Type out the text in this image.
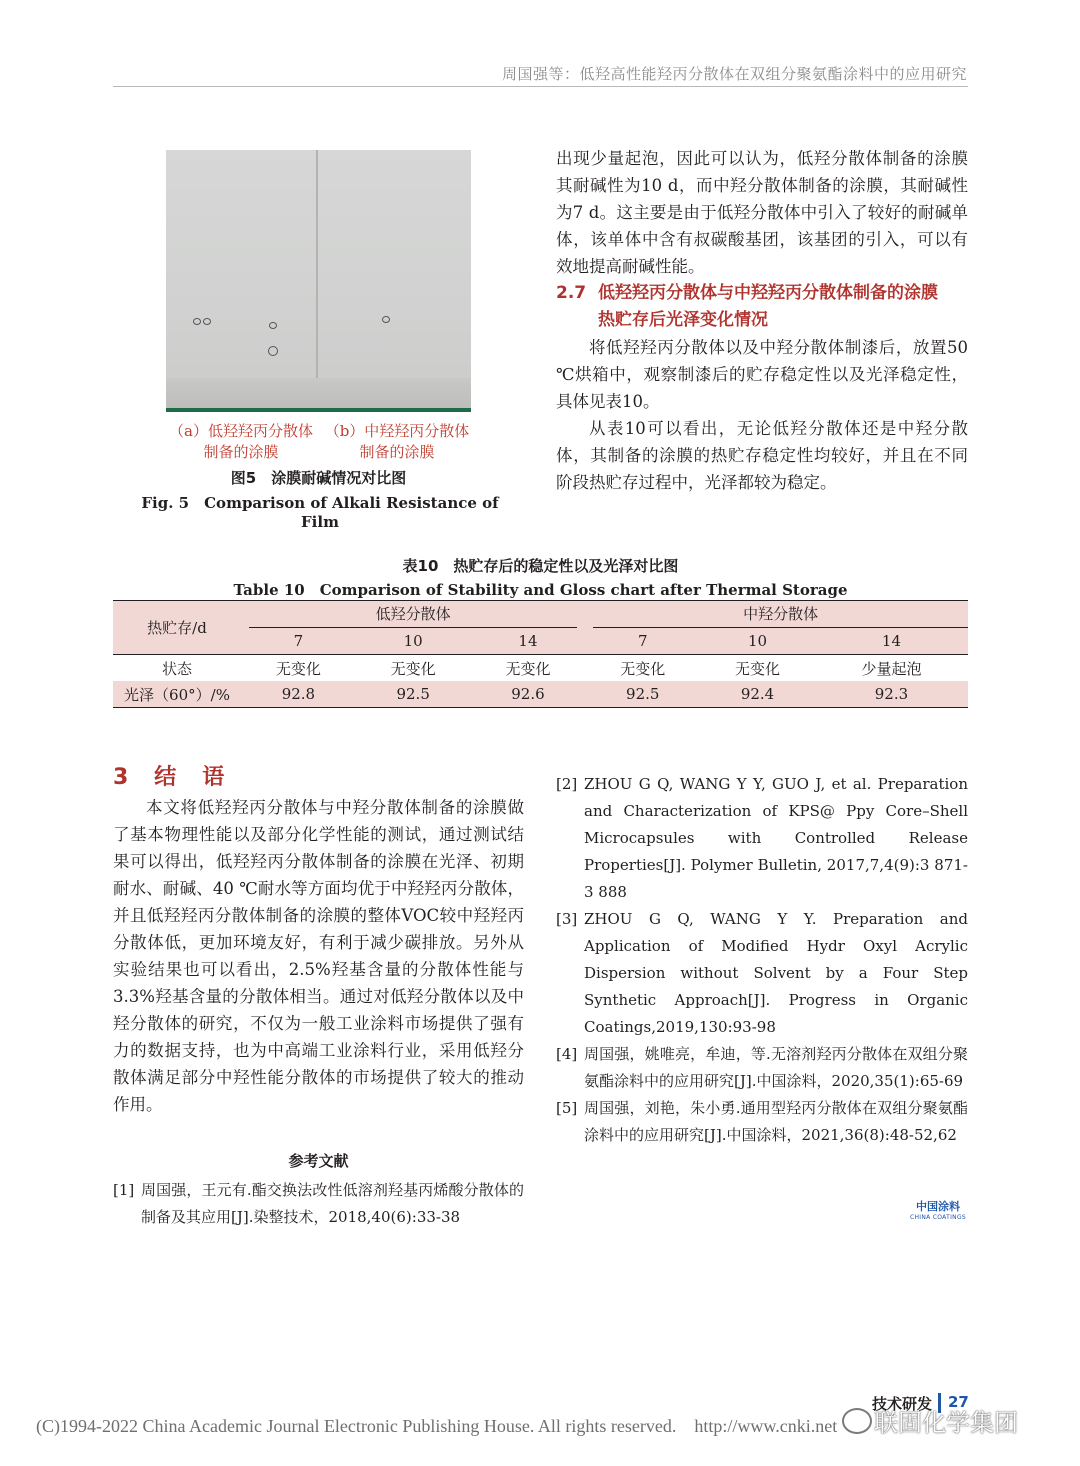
周国强等：低羟高性能羟丙分散体在双组分聚氨酯涂料中的应用研究
（a）低羟羟丙分散体制备的涂膜
（b）中羟羟丙分散体制备的涂膜
图5　涂膜耐碱情况对比图
Fig. 5　Comparison of Alkali Resistance of Film
出现少量起泡，因此可以认为，低羟分散体制备的涂膜其耐碱性为10 d，而中羟分散体制备的涂膜，其耐碱性为7 d。这主要是由于低羟分散体中引入了较好的耐碱单体，该单体中含有叔碳酸基团，该基团的引入，可以有效地提高耐碱性能。
2.7 低羟羟丙分散体与中羟羟丙分散体制备的涂膜
热贮存后光泽变化情况
将低羟羟丙分散体以及中羟分散体制漆后，放置50 ℃烘箱中，观察制漆后的贮存稳定性以及光泽稳定性，具体见表10。
从表10可以看出，无论低羟分散体还是中羟分散体，其制备的涂膜的热贮存稳定性均较好，并且在不同阶段热贮存过程中，光泽都较为稳定。
表10　热贮存后的稳定性以及光泽对比图
Table 10　Comparison of Stability and Gloss chart after Thermal Storage
热贮存/d	低羟分散体			中羟分散体		

	7	10	14	7	10	14
状态	无变化	无变化	无变化	无变化	无变化	少量起泡
光泽（60°）/%	92.8	92.5	92.6	92.5	92.4	92.3
3　结　语
本文将低羟羟丙分散体与中羟分散体制备的涂膜做了基本物理性能以及部分化学性能的测试，通过测试结果可以得出，低羟羟丙分散体制备的涂膜在光泽、初期耐水、耐碱、40 ℃耐水等方面均优于中羟羟丙分散体，并且低羟羟丙分散体制备的涂膜的整体VOC较中羟羟丙分散体低，更加环境友好，有利于减少碳排放。另外从实验结果也可以看出，2.5%羟基含量的分散体性能与3.3%羟基含量的分散体相当。通过对低羟分散体以及中羟分散体的研究，不仅为一般工业涂料市场提供了强有力的数据支持，也为中高端工业涂料行业，采用低羟分散体满足部分中羟性能分散体的市场提供了较大的推动作用。
参考文献
[1] 周国强，王元有.酯交换法改性低溶剂羟基丙烯酸分散体的制备及其应用[J].染整技术，2018,40(6):33-38
[2] ZHOU G Q, WANG Y Y, GUO J, et al. Preparation and Characterization of KPS@ Ppy Core–Shell Microcapsules with Controlled Release Properties[J]. Polymer Bulletin, 2017,7,4(9):3 871-3 888
[3] ZHOU G Q, WANG Y Y. Preparation and Application of Modified Hydr Oxyl Acrylic Dispersion without Solvent by a Four Step Synthetic Approach[J]. Progress in Organic Coatings,2019,130:93-98
[4] 周国强，姚唯亮，牟迪，等.无溶剂羟丙分散体在双组分聚氨酯涂料中的应用研究[J].中国涂料，2020,35(1):65-69
[5] 周国强，刘艳，朱小勇.通用型羟丙分散体在双组分聚氨酯涂料中的应用研究[J].中国涂料，2021,36(8):48-52,62
中国涂料
CHINA COATINGS
技术研发 27
(C)1994-2022 China Academic Journal Electronic Publishing House. All rights reserved.　http://www.cnki.net 联固化学集团
